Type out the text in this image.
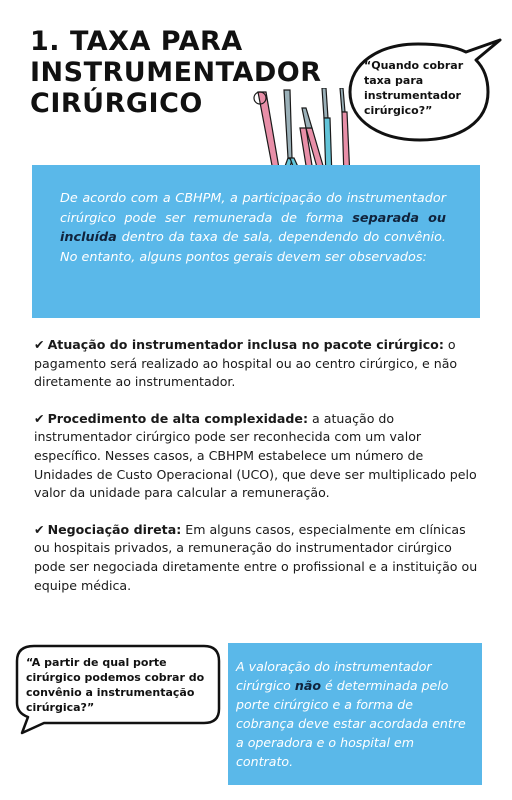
1. TAXA PARA
INSTRUMENTADOR
CIRÚRGICO
“Quando cobrar taxa para instrumentador cirúrgico?”

De acordo com a CBHPM, a participação do instrumentador cirúrgico pode ser remunerada de forma separada ou incluída dentro da taxa de sala, dependendo do convênio. No entanto, alguns pontos gerais devem ser observados:

✔ Atuação do instrumentador inclusa no pacote cirúrgico: o pagamento será realizado ao hospital ou ao centro cirúrgico, e não diretamente ao instrumentador.

✔ Procedimento de alta complexidade: a atuação do instrumentador cirúrgico pode ser reconhecida com um valor específico. Nesses casos, a CBHPM estabelece um número de Unidades de Custo Operacional (UCO), que deve ser multiplicado pelo valor da unidade para calcular a remuneração.

✔ Negociação direta: Em alguns casos, especialmente em clínicas ou hospitais privados, a remuneração do instrumentador cirúrgico pode ser negociada diretamente entre o profissional e a instituição ou equipe médica.

“A partir de qual porte cirúrgico podemos cobrar do convênio a instrumentação cirúrgica?”

A valoração do instrumentador cirúrgico não é determinada pelo porte cirúrgico e a forma de cobrança deve estar acordada entre a operadora e o hospital em contrato.
